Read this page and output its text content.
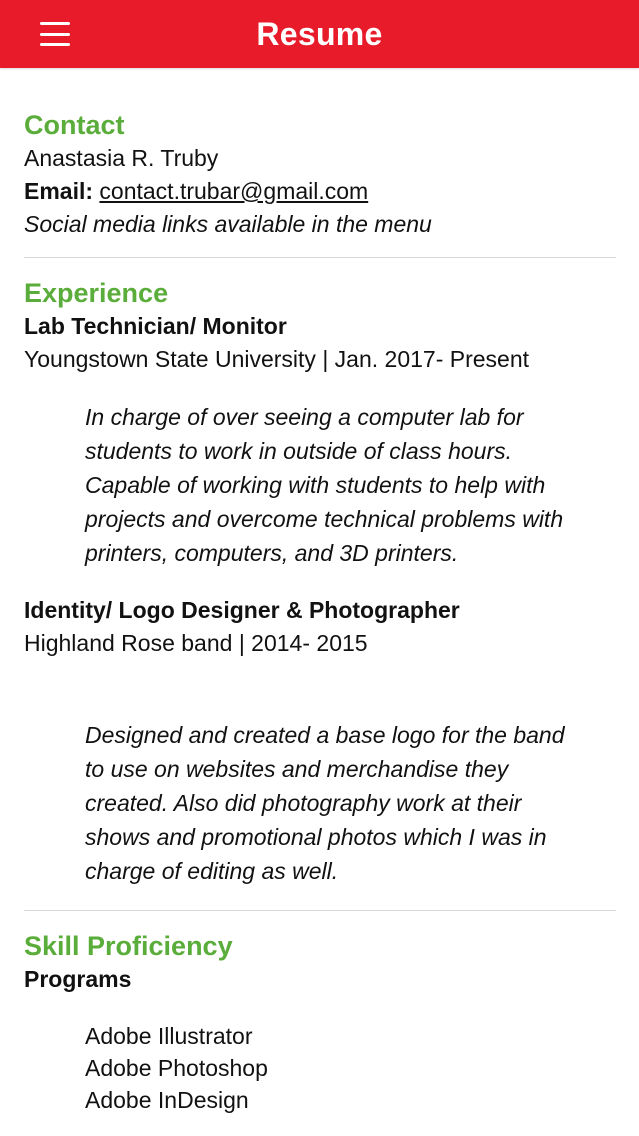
Resume
Contact
Anastasia R. Truby
Email: contact.trubar@gmail.com
Social media links available in the menu
Experience
Lab Technician/ Monitor
Youngstown State University | Jan. 2017- Present
In charge of over seeing a computer lab for students to work in outside of class hours. Capable of working with students to help with projects and overcome technical problems with printers, computers, and 3D printers.
Identity/ Logo Designer & Photographer
Highland Rose band | 2014- 2015
Designed and created a base logo for the band to use on websites and merchandise they created. Also did photography work at their shows and promotional photos which I was in charge of editing as well.
Skill Proficiency
Programs
Adobe Illustrator
Adobe Photoshop
Adobe InDesign
